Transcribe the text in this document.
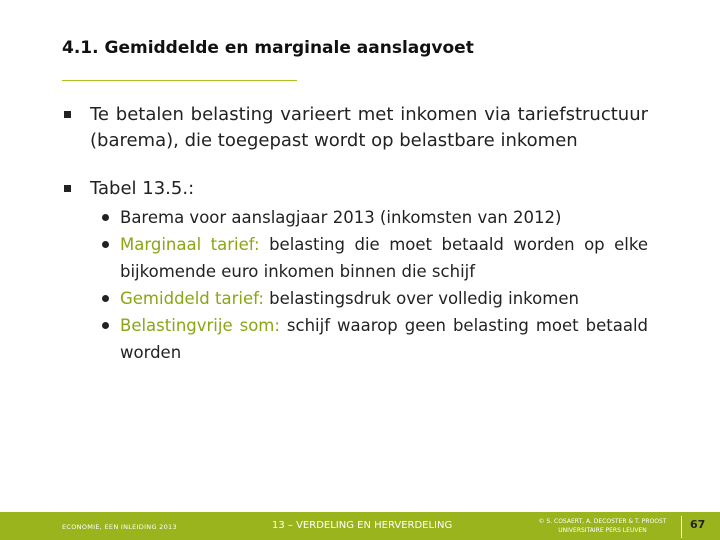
4.1. Gemiddelde en marginale aanslagvoet
Te betalen belasting varieert met inkomen via tariefstructuur (barema), die toegepast wordt op belastbare inkomen
Tabel 13.5.:
Barema voor aanslagjaar 2013 (inkomsten van 2012)
Marginaal tarief: belasting die moet betaald worden op elke bijkomende euro inkomen binnen die schijf
Gemiddeld tarief: belastingsdruk over volledig inkomen
Belastingvrije som: schijf waarop geen belasting moet betaald worden
ECONOMIE, EEN INLEIDING 2013	13 – VERDELING EN HERVERDELING	© S. COSAERT, A. DECOSTER & T. PROOST
UNIVERSITAIRE PERS LEUVEN	67
